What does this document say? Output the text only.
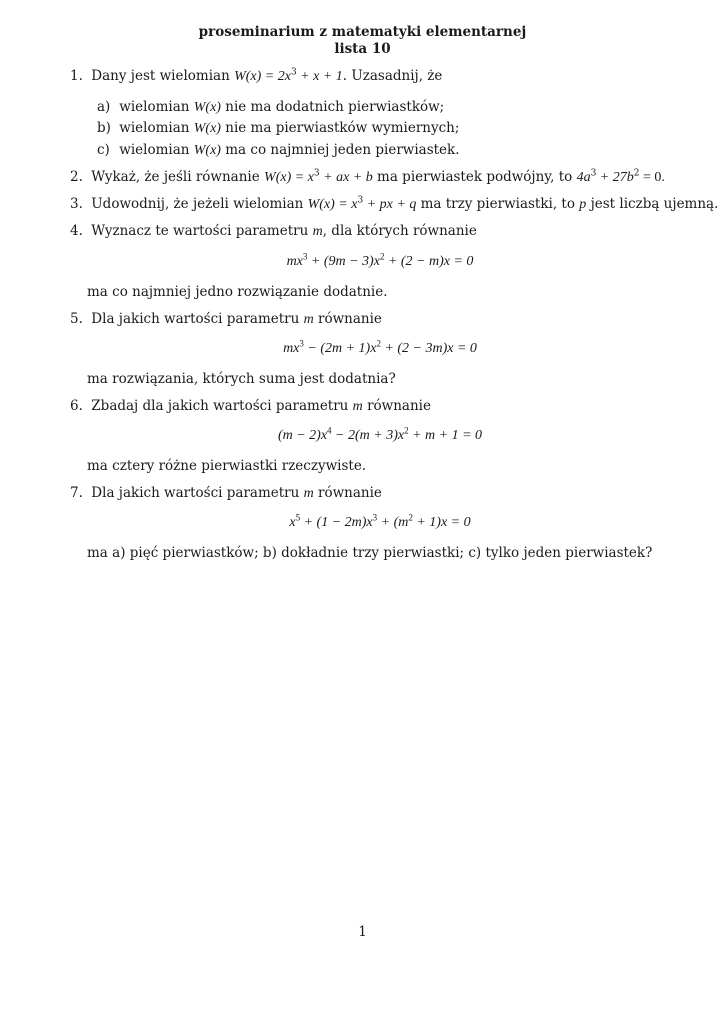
proseminarium z matematyki elementarnej
lista 10
1. Dany jest wielomian $W(x) = 2x^3 + x + 1$. Uzasadnij, że
a) wielomian W(x) nie ma dodatnich pierwiastków;
b) wielomian W(x) nie ma pierwiastków wymiernych;
c) wielomian W(x) ma co najmniej jeden pierwiastek.
2. Wykaż, że jeśli równanie $W(x) = x^3$ + ax + b ma pierwiastek podwójny, to $4a^3 + 27b^2 = 0$.
3. Udowodnij, że jeżeli wielomian $W(x) = x^3$ + px + q ma trzy pierwiastki, to p jest liczbą ujemną.
4. Wyznacz te wartości parametru m, dla których równanie
$mx^3 + (9m - 3)x^2 + (2 - m)x = 0$
ma co najmniej jedno rozwiązanie dodatnie.
5. Dla jakich wartości parametru m równanie
$mx^3 - (2m + 1)x^2 + (2 - 3m)x = 0$
ma rozwiązania, których suma jest dodatnia?
6. Zbadaj dla jakich wartości parametru m równanie
$(m - 2)x^4 - 2(m + 3)x^2 + m + 1 = 0$
ma cztery różne pierwiastki rzeczywiste.
7. Dla jakich wartości parametru m równanie
$x^5 + (1 - 2m)x^3 + (m^2 + 1)x = 0$
ma a) pięć pierwiastków; b) dokładnie trzy pierwiastki; c) tylko jeden pierwiastek?
1
